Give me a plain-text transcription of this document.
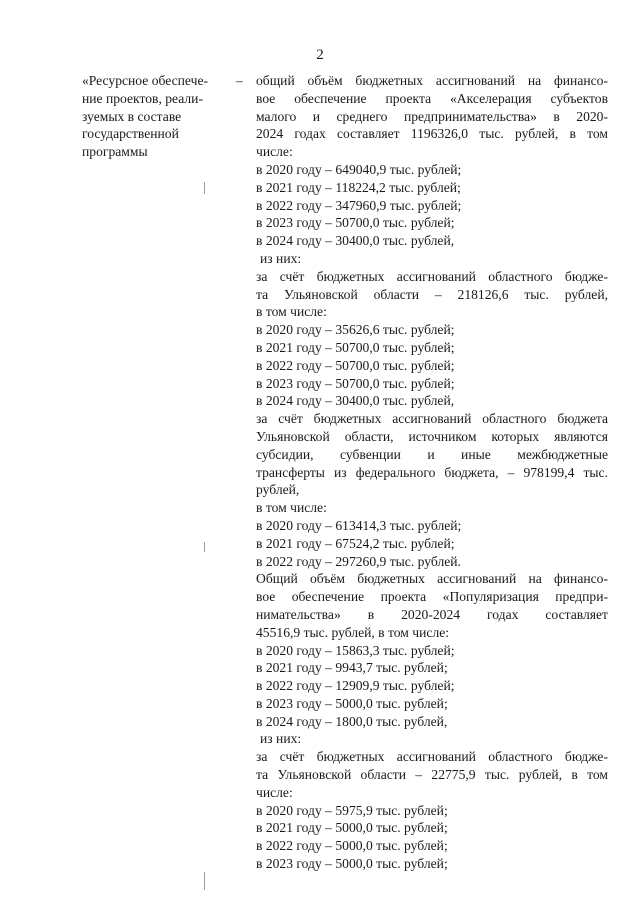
2
«Ресурсное обеспече-
ние проектов, реали-
зуемых в составе
государственной
программы
– общий объём бюджетных ассигнований на финансо-
вое обеспечение проекта «Акселерация субъектов
малого и среднего предпринимательства» в 2020-
2024 годах составляет 1196326,0 тыс. рублей, в том
числе:
в 2020 году – 649040,9 тыс. рублей;
в 2021 году – 118224,2 тыс. рублей;
в 2022 году – 347960,9 тыс. рублей;
в 2023 году – 50700,0 тыс. рублей;
в 2024 году – 30400,0 тыс. рублей,
из них:
за счёт бюджетных ассигнований областного бюдже-
та Ульяновской области – 218126,6 тыс. рублей,
в том числе:
в 2020 году – 35626,6 тыс. рублей;
в 2021 году – 50700,0 тыс. рублей;
в 2022 году – 50700,0 тыс. рублей;
в 2023 году – 50700,0 тыс. рублей;
в 2024 году – 30400,0 тыс. рублей,
за счёт бюджетных ассигнований областного бюджета
Ульяновской области, источником которых являются
субсидии, субвенции и иные межбюджетные
трансферты из федерального бюджета, – 978199,4 тыс.
рублей,
в том числе:
в 2020 году – 613414,3 тыс. рублей;
в 2021 году – 67524,2 тыс. рублей;
в 2022 году – 297260,9 тыс. рублей.
Общий объём бюджетных ассигнований на финансо-
вое обеспечение проекта «Популяризация предпри-
нимательства» в 2020-2024 годах составляет
45516,9 тыс. рублей, в том числе:
в 2020 году – 15863,3 тыс. рублей;
в 2021 году – 9943,7 тыс. рублей;
в 2022 году – 12909,9 тыс. рублей;
в 2023 году – 5000,0 тыс. рублей;
в 2024 году – 1800,0 тыс. рублей,
из них:
за счёт бюджетных ассигнований областного бюдже-
та Ульяновской области – 22775,9 тыс. рублей, в том
числе:
в 2020 году – 5975,9 тыс. рублей;
в 2021 году – 5000,0 тыс. рублей;
в 2022 году – 5000,0 тыс. рублей;
в 2023 году – 5000,0 тыс. рублей;
